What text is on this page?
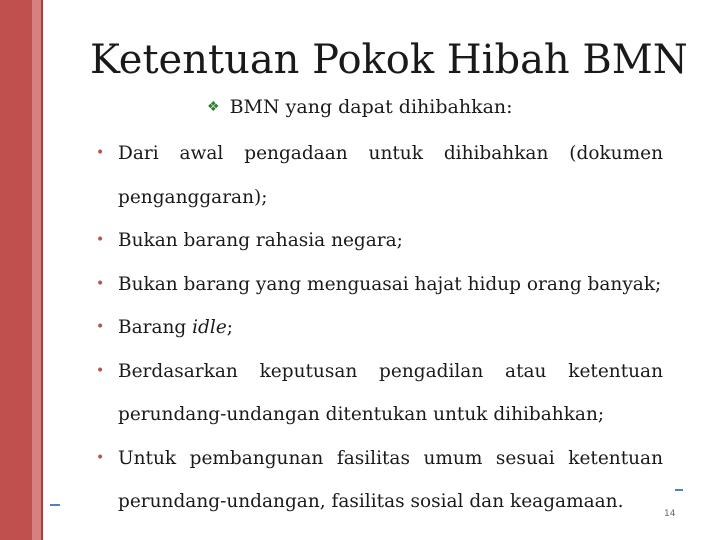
Ketentuan Pokok Hibah BMN
❖ BMN yang dapat dihibahkan:
• Dari awal pengadaan untuk dihibahkan (dokumen penganggaran);
• Bukan barang rahasia negara;
• Bukan barang yang menguasai hajat hidup orang banyak;
• Barang idle;
• Berdasarkan keputusan pengadilan atau ketentuan perundang-undangan ditentukan untuk dihibahkan;
• Untuk pembangunan fasilitas umum sesuai ketentuan perundang-undangan, fasilitas sosial dan keagamaan.
14
